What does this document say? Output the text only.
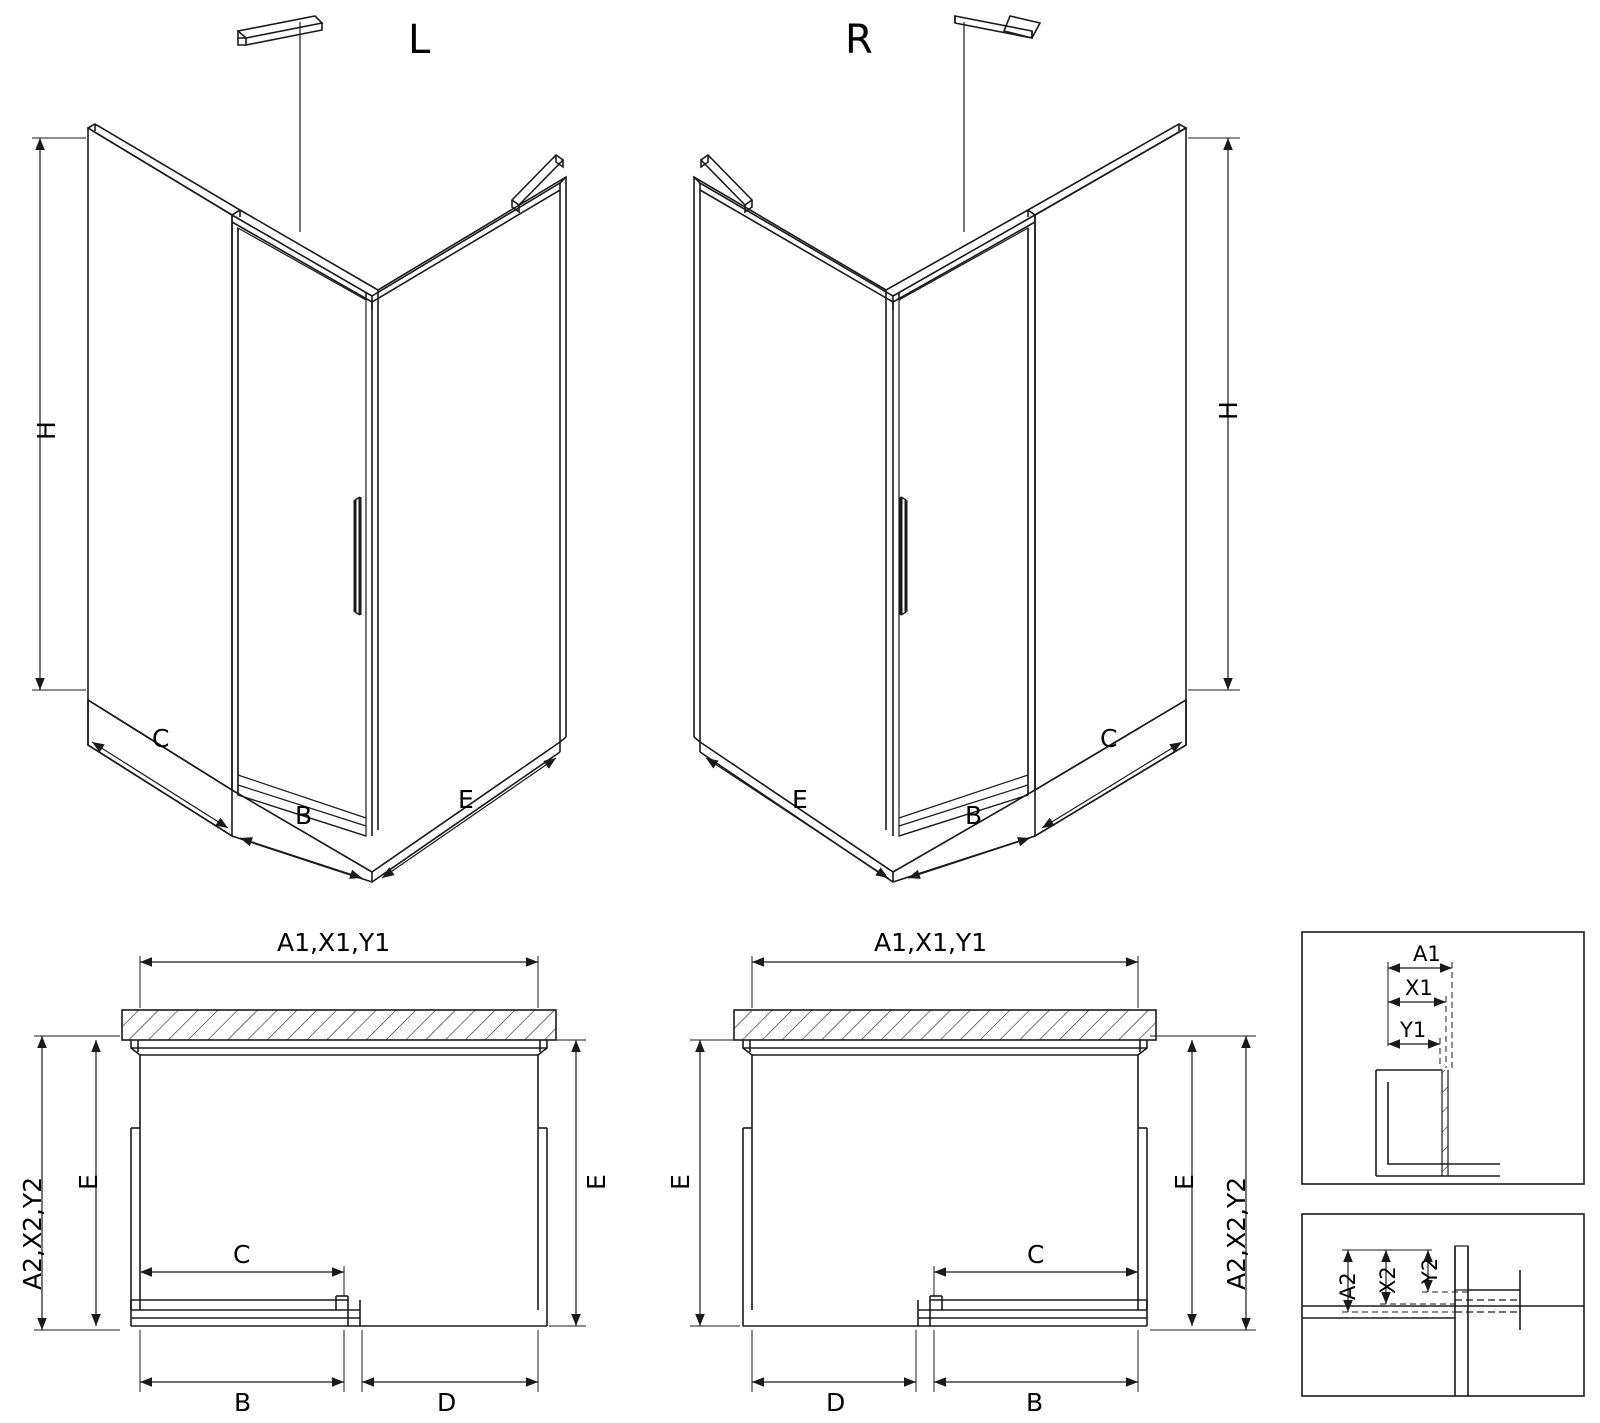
L	R
H
C
B
E
H
C
B
E
A1,X1,Y1
A2,X2,Y2 E	E
C
B	D
A1,X1,Y1
A2,X2,Y2
E	E
C
B
D
A1
X1
Y1
A2 X2 Y2
